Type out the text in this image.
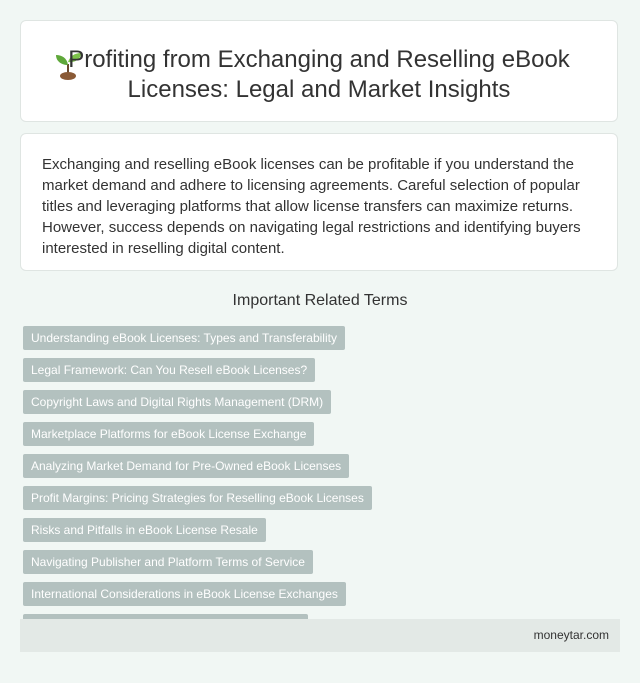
Profiting from Exchanging and Reselling eBook Licenses: Legal and Market Insights

Exchanging and reselling eBook licenses can be profitable if you understand the market demand and adhere to licensing agreements. Careful selection of popular titles and leveraging platforms that allow license transfers can maximize returns. However, success depends on navigating legal restrictions and identifying buyers interested in reselling digital content.

Important Related Terms
Understanding eBook Licenses: Types and Transferability
Legal Framework: Can You Resell eBook Licenses?
Copyright Laws and Digital Rights Management (DRM)
Marketplace Platforms for eBook License Exchange
Analyzing Market Demand for Pre-Owned eBook Licenses
Profit Margins: Pricing Strategies for Reselling eBook Licenses
Risks and Pitfalls in eBook License Resale
Navigating Publisher and Platform Terms of Service
International Considerations in eBook License Exchanges
moneytar.com
